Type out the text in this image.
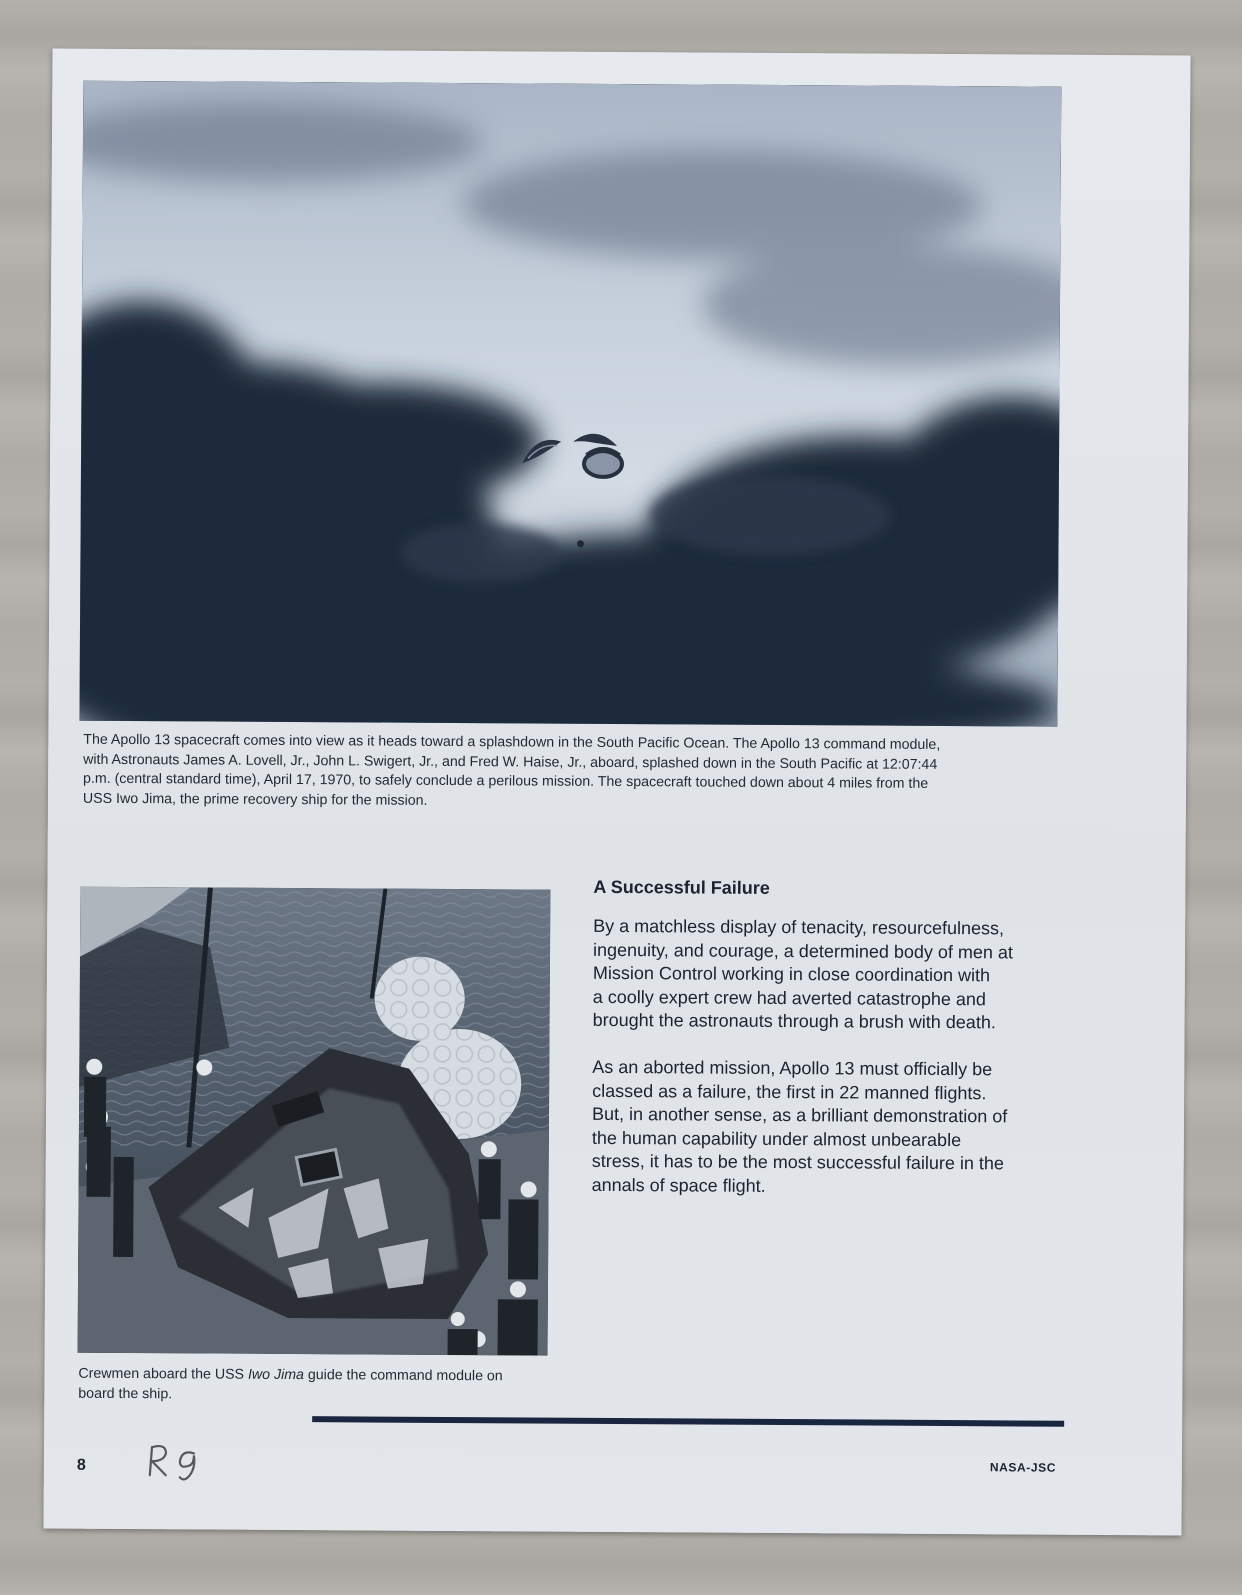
The Apollo 13 spacecraft comes into view as it heads toward a splashdown in the South Pacific Ocean. The Apollo 13 command module,
with Astronauts James A. Lovell, Jr., John L. Swigert, Jr., and Fred W. Haise, Jr., aboard, splashed down in the South Pacific at 12:07:44
p.m. (central standard time), April 17, 1970, to safely conclude a perilous mission. The spacecraft touched down about 4 miles from the
USS Iwo Jima, the prime recovery ship for the mission.
Crewmen aboard the USS Iwo Jima guide the command module on
board the ship.
A Successful Failure

By a matchless display of tenacity, resourcefulness,
ingenuity, and courage, a determined body of men at
Mission Control working in close coordination with
a coolly expert crew had averted catastrophe and
brought the astronauts through a brush with death.

As an aborted mission, Apollo 13 must officially be
classed as a failure, the first in 22 manned flights.
But, in another sense, as a brilliant demonstration of
the human capability under almost unbearable
stress, it has to be the most successful failure in the
annals of space flight.

8	NASA-JSC
